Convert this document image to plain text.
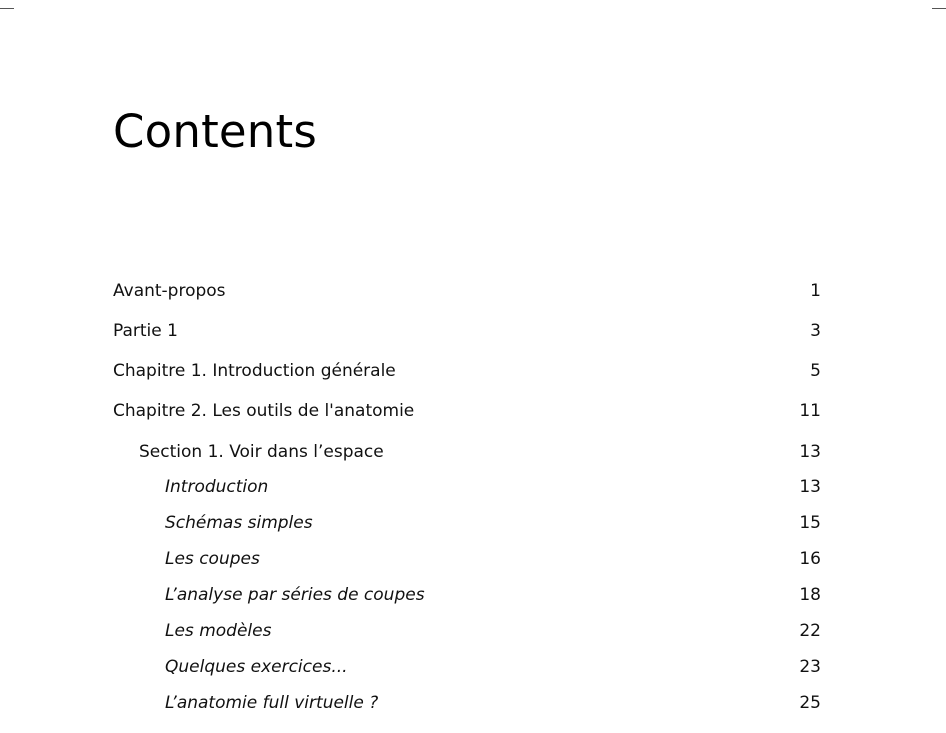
Contents
Avant-propos	1
Partie 1	3
Chapitre 1. Introduction générale	5
Chapitre 2. Les outils de l'anatomie	11
Section 1. Voir dans l’espace	13
Introduction	13
Schémas simples	15
Les coupes	16
L’analyse par séries de coupes	18
Les modèles	22
Quelques exercices...	23
L’anatomie full virtuelle ?	25
